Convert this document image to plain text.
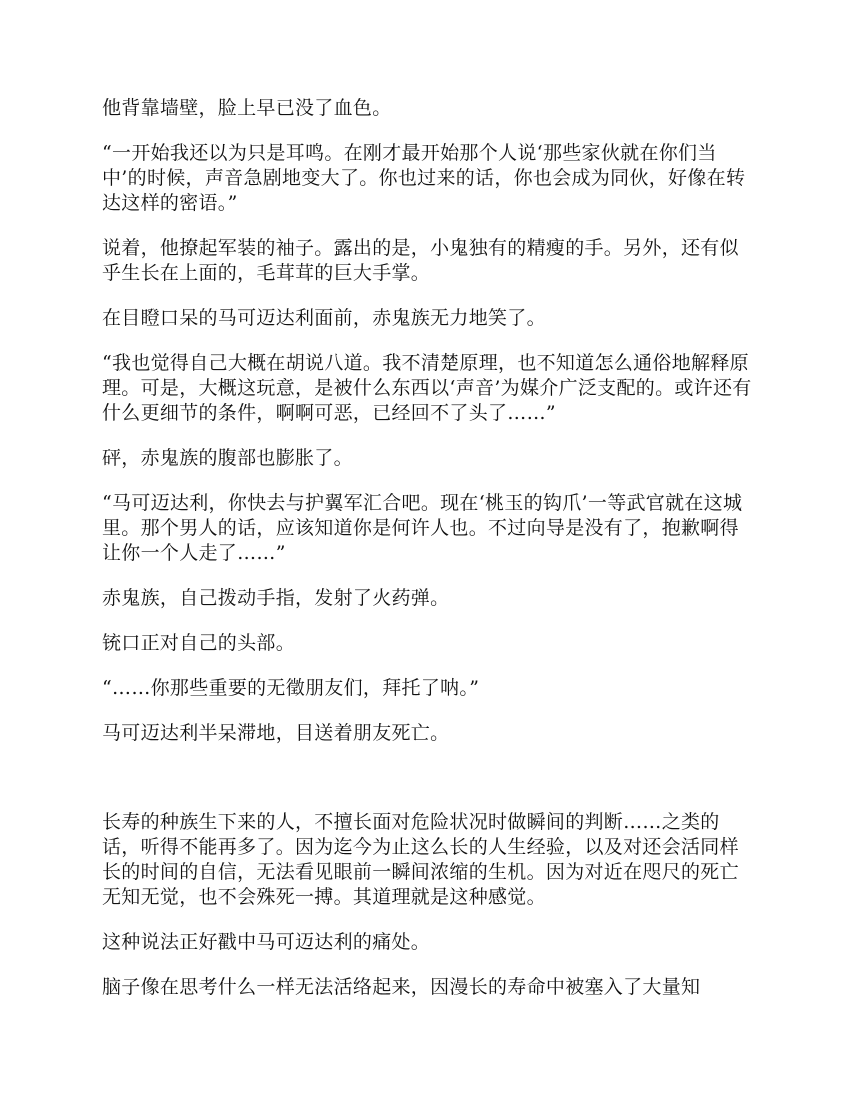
他背靠墙壁，脸上早已没了血色。

“一开始我还以为只是耳鸣。在刚才最开始那个人说‘那些家伙就在你们当中’的时候，声音急剧地变大了。你也过来的话，你也会成为同伙，好像在转达这样的密语。”

说着，他撩起军装的袖子。露出的是，小鬼独有的精瘦的手。另外，还有似乎生长在上面的，毛茸茸的巨大手掌。

在目瞪口呆的马可迈达利面前，赤鬼族无力地笑了。

“我也觉得自己大概在胡说八道。我不清楚原理，也不知道怎么通俗地解释原理。可是，大概这玩意，是被什么东西以‘声音’为媒介广泛支配的。或许还有什么更细节的条件，啊啊可恶，已经回不了头了……”

砰，赤鬼族的腹部也膨胀了。

“马可迈达利，你快去与护翼军汇合吧。现在‘桃玉的钩爪’一等武官就在这城里。那个男人的话，应该知道你是何许人也。不过向导是没有了，抱歉啊得让你一个人走了……”

赤鬼族，自己拨动手指，发射了火药弹。

铳口正对自己的头部。

“……你那些重要的无徵朋友们，拜托了呐。”

马可迈达利半呆滞地，目送着朋友死亡。

长寿的种族生下来的人，不擅长面对危险状况时做瞬间的判断……之类的话，听得不能再多了。因为迄今为止这么长的人生经验，以及对还会活同样长的时间的自信，无法看见眼前一瞬间浓缩的生机。因为对近在咫尺的死亡无知无觉，也不会殊死一搏。其道理就是这种感觉。

这种说法正好戳中马可迈达利的痛处。

脑子像在思考什么一样无法活络起来，因漫长的寿命中被塞入了大量知
